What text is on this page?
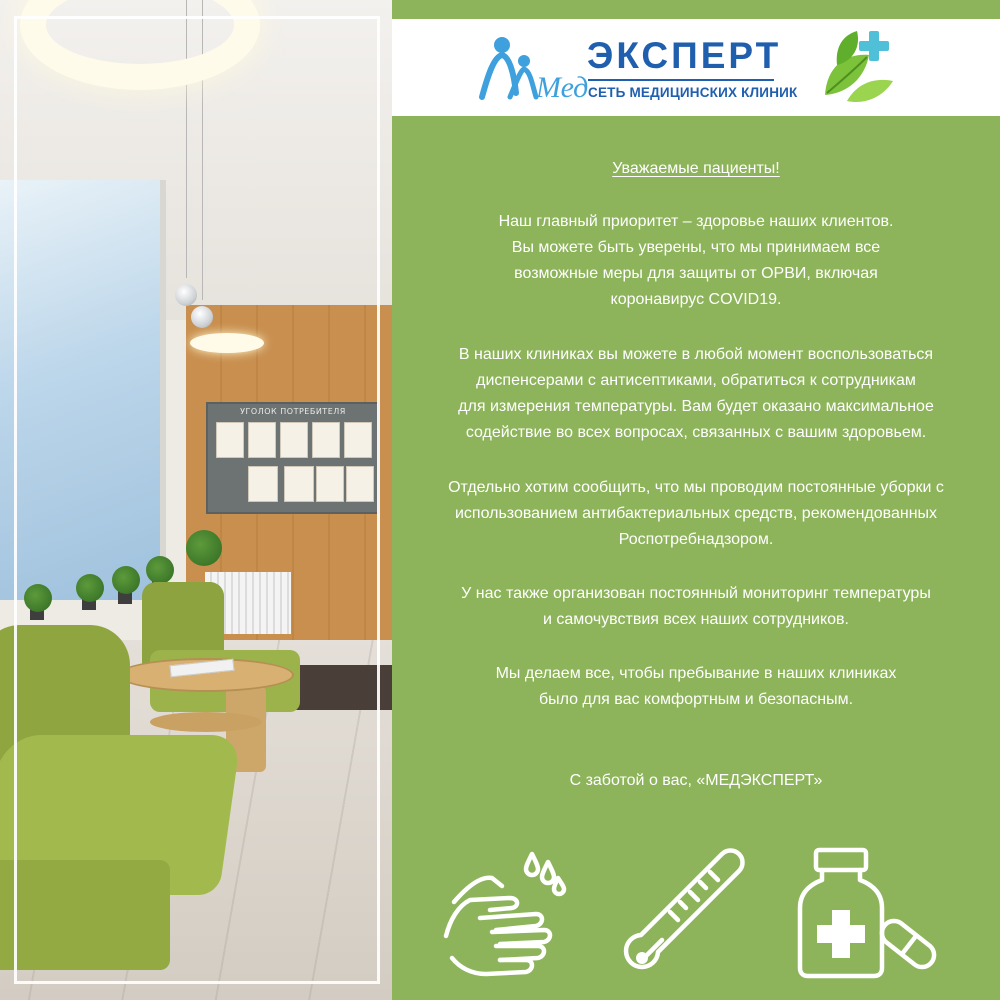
УГОЛОК ПОТРЕБИТЕЛЯ
Мед
ЭКСПЕРТ
СЕТЬ МЕДИЦИНСКИХ КЛИНИК
Уважаемые пациенты!
Наш главный приоритет – здоровье наших клиентов.
Вы можете быть уверены, что мы принимаем все
возможные меры для защиты от ОРВИ, включая
коронавирус COVID19.
В наших клиниках вы можете в любой момент воспользоваться
диспенсерами с антисептиками, обратиться к сотрудникам
для измерения температуры. Вам будет оказано максимальное
содействие во всех вопросах, связанных с вашим здоровьем.
Отдельно хотим сообщить, что мы проводим постоянные уборки с
использованием антибактериальных средств, рекомендованных
Роспотребнадзором.
У нас также организован постоянный мониторинг температуры
и самочувствия всех наших сотрудников.
Мы делаем все, чтобы пребывание в наших клиниках
было для вас комфортным и безопасным.
С заботой о вас, «МЕДЭКСПЕРТ»
